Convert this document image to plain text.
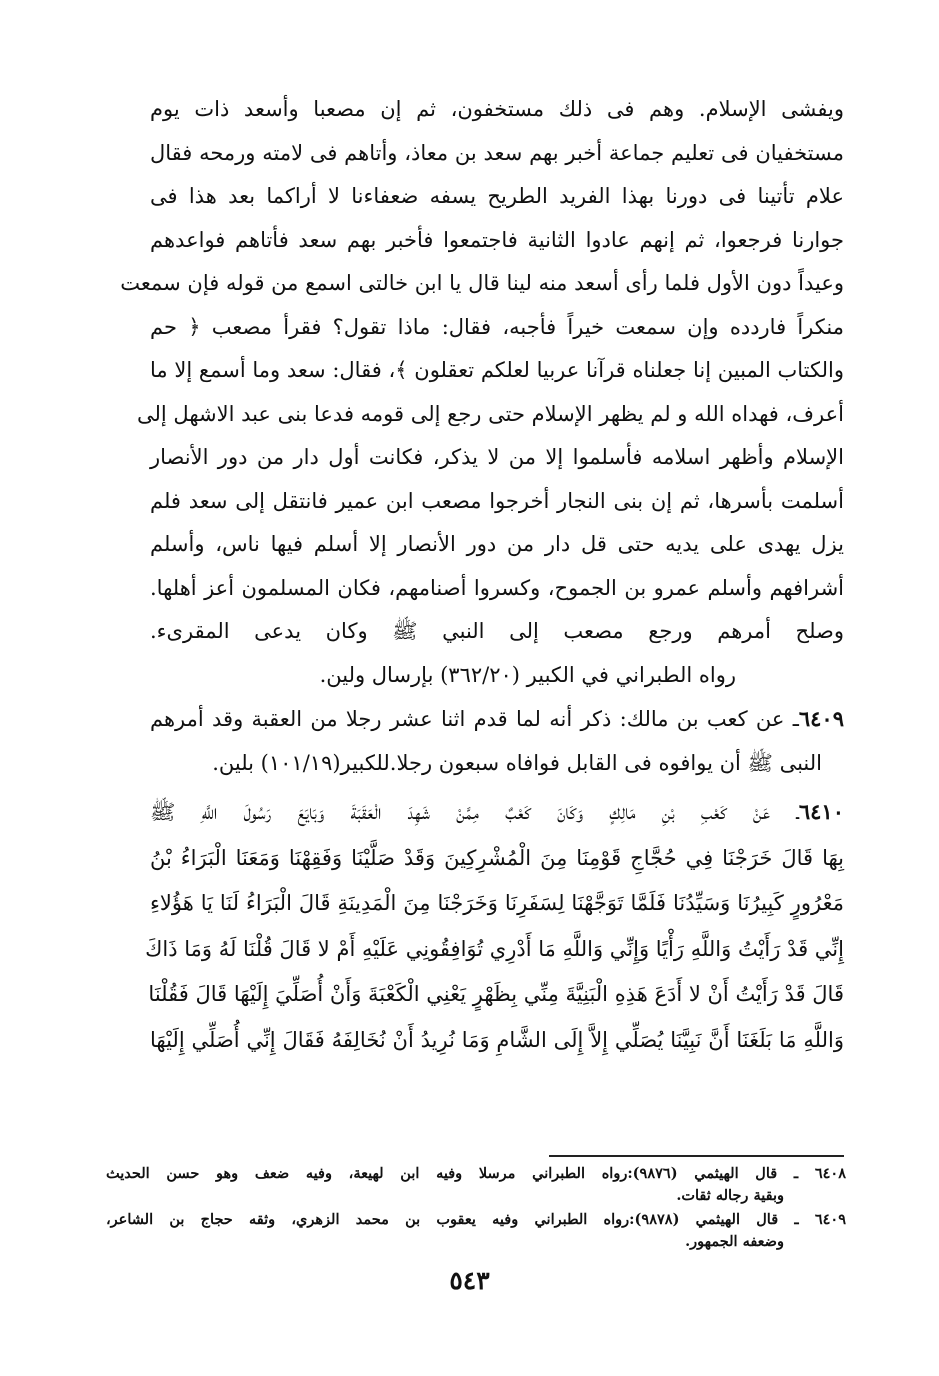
ويفشى الإسلام. وهم فى ذلك مستخفون، ثم إن مصعبا وأسعد ذات يوم
مستخفيان فى تعليم جماعة أخبر بهم سعد بن معاذ، وأتاهم فى لامته ورمحه فقال
علام تأتينا فى دورنا بهذا الفريد الطريح يسفه ضعفاءنا لا أراكما بعد هذا فى
جوارنا فرجعوا، ثم إنهم عادوا الثانية فاجتمعوا فأخبر بهم سعد فأتاهم فواعدهم
وعيداً دون الأول فلما رأى أسعد منه لينا قال يا ابن خالتى اسمع من قوله فإن سمعت
منكراً فاردده وإن سمعت خيراً فأجبه، فقال: ماذا تقول؟ فقرأ مصعب ﴿ حم
والكتاب المبين إنا جعلناه قرآنا عربيا لعلكم تعقلون ﴾، فقال: سعد وما أسمع إلا ما
أعرف، فهداه الله و لم يظهر الإسلام حتى رجع إلى قومه فدعا بنى عبد الاشهل إلى
الإسلام وأظهر اسلامه فأسلموا إلا من لا يذكر، فكانت أول دار من دور الأنصار
أسلمت بأسرها، ثم إن بنى النجار أخرجوا مصعب ابن عمير فانتقل إلى سعد فلم
يزل يهدى على يديه حتى قل دار من دور الأنصار إلا أسلم فيها ناس، وأسلم
أشرافهم وأسلم عمرو بن الجموح، وكسروا أصنامهم، فكان المسلمون أعز أهلها.
وصلح أمرهم ورجع مصعب إلى النبي ﷺ وكان يدعى المقرىء.
رواه الطبراني في الكبير (٣٦٢/٢٠) بإرسال ولين.
٦٤٠٩ـ عن كعب بن مالك: ذكر أنه لما قدم اثنا عشر رجلا من العقبة وقد أمرهم
النبى ﷺ أن يوافوه فى القابل فوافاه سبعون رجلا.للكبير(١٠١/١٩) بلين.
٦٤١٠ـ عَنْ كَعْبِ بْنِ مَالِكٍ وَكَانَ كَعْبٌ مِمَّنْ شَهِدَ الْعَقَبَةَ وَبَايَعَ رَسُولَ اللَّهِ ﷺ
بِهَا قَالَ خَرَجْنَا فِي حُجَّاجِ قَوْمِنَا مِنَ الْمُشْرِكِينَ وَقَدْ صَلَّيْنَا وَفَقِهْنَا وَمَعَنَا الْبَرَاءُ بْنُ
مَعْرُورٍ كَبِيرُنَا وَسَيِّدُنَا فَلَمَّا تَوَجَّهْنَا لِسَفَرِنَا وَخَرَجْنَا مِنَ الْمَدِينَةِ قَالَ الْبَرَاءُ لَنَا يَا هَؤُلاءِ
إِنِّي قَدْ رَأَيْتُ وَاللَّهِ رَأْيًا وَإِنِّي وَاللَّهِ مَا أَدْرِي تُوَافِقُونِي عَلَيْهِ أَمْ لا قَالَ قُلْنَا لَهُ وَمَا ذَاكَ
قَالَ قَدْ رَأَيْتُ أَنْ لا أَدَعَ هَذِهِ الْبَنِيَّةَ مِنِّي بِظَهْرٍ يَعْنِي الْكَعْبَةَ وَأَنْ أُصَلِّيَ إِلَيْهَا قَالَ فَقُلْنَا
وَاللَّهِ مَا بَلَغَنَا أَنَّ نَبِيَّنَا يُصَلِّي إِلاَّ إِلَى الشَّامِ وَمَا نُرِيدُ أَنْ نُخَالِفَهُ فَقَالَ إِنِّي أُصَلِّي إِلَيْهَا
٦٤٠٨ ـ قال الهيثمي (٩٨٧٦):رواه الطبراني مرسلا وفيه ابن لهيعة، وفيه ضعف وهو حسن الحديث
وبقية رجاله ثقات.
٦٤٠٩ ـ قال الهيثمي (٩٨٧٨):رواه الطبراني وفيه يعقوب بن محمد الزهري، وثقه حجاج بن الشاعر،
وضعفه الجمهور.
٥٤٣
